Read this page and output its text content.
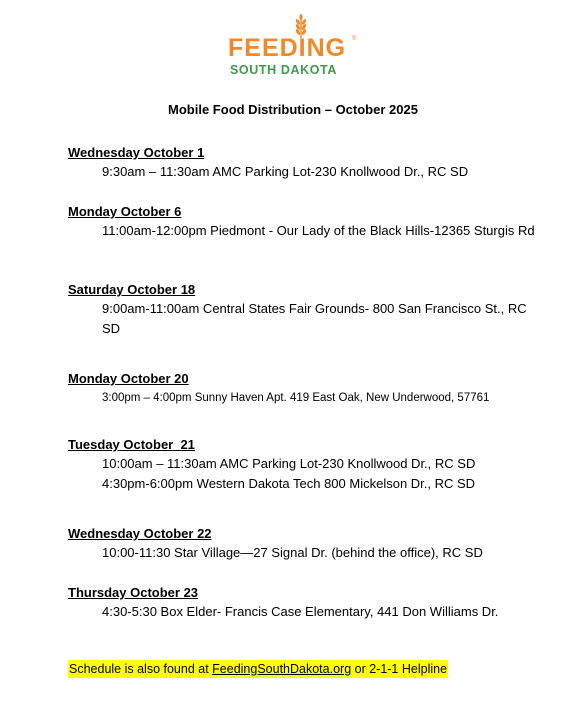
FEEDING ®
SOUTH DAKOTA
Mobile Food Distribution – October 2025
Wednesday October 1
9:30am – 11:30am AMC Parking Lot-230 Knollwood Dr., RC SD
Monday October 6
11:00am-12:00pm Piedmont - Our Lady of the Black Hills-12365 Sturgis Rd
Saturday October 18
9:00am-11:00am Central States Fair Grounds- 800 San Francisco St., RC SD
Monday October 20
3:00pm – 4:00pm Sunny Haven Apt. 419 East Oak, New Underwood, 57761
Tuesday October  21
10:00am – 11:30am AMC Parking Lot-230 Knollwood Dr., RC SD
4:30pm-6:00pm Western Dakota Tech 800 Mickelson Dr., RC SD
Wednesday October 22
10:00-11:30 Star Village—27 Signal Dr. (behind the office), RC SD
Thursday October 23
4:30-5:30 Box Elder- Francis Case Elementary, 441 Don Williams Dr.
Schedule is also found at FeedingSouthDakota.org or 2-1-1 Helpline
